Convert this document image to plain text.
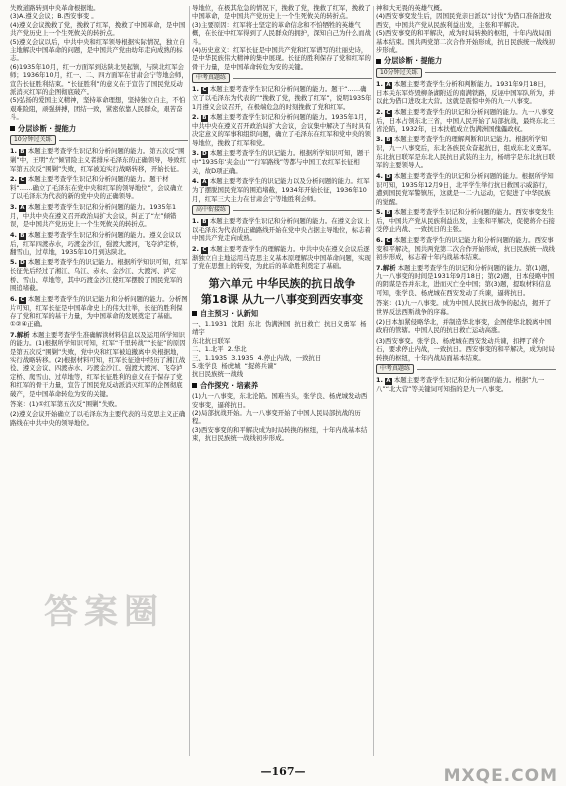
失败道路转到中央革命根据地。
(3)A.遵义会议；B.西安事变 。
(4)遵义会议挽救了党，挽救了红军，挽救了中国革命，是中国共产党历史上一个生死攸关的转折点。
(5)遵义会议以后，中共中央和红军领导根据实际情况，独立自主地解决中国革命的问题，是中国共产党由幼年走向成熟的标志。
(6)1935年10月，红一方面军到达陕北吴起镇，与陕北红军会师；1936年10月，红一、二、四方面军在甘肃会宁等地会师，宣告长征胜利结束。“长征胜利”的意义在于宣告了国民党反动派消灭红军的企图彻底破产。
(5)弘扬的爱国主义精神，坚持革命理想，坚持独立自主，不怕艰难险阻，顽强拼搏，团结一致，紧密依靠人民群众，艰苦奋斗。
分层诊断 · 提能力
10分钟过关练
1. B 本题主要考查学生识记和分析问题的能力。第五次反“围剿”中，王明“左”倾冒险主义者排斥毛泽东的正确领导，导致红军第五次反“围剿”失败，红军被迫实行战略转移，开始长征。
2. C 本题主要考查学生识记和分析问题的能力。题干材料“……确立了毛泽东在党中央和红军的领导地位”，会议确立了以毛泽东为代表的新的党中央的正确领导。
3. A 本题主要考查学生识记和分析问题的能力。1935年1月，中共中央在遵义召开政治局扩大会议，纠正了“左”倾错误，是中国共产党历史上一个生死攸关的转折点。
4. B 本题主要考查学生识记和分析问题的能力。遵义会议以后，红军四渡赤水，巧渡金沙江，强渡大渡河，飞夺泸定桥，翻雪山，过草地，1935年10月到达陕北。
5. D 本题主要考查学生的识记能力。根据所学知识可知，红军长征先后经过了湘江、乌江、赤水、金沙江、大渡河、泸定桥、雪山、草地等，其中巧渡金沙江使红军摆脱了国民党军的围追堵截。
6. C 本题主要考查学生的识记能力和分析问题的能力。分析图片可知，红军长征是中国革命史上的伟大壮举，长征的胜利保存了党和红军的基干力量，为中国革命的发展奠定了基础。①②④正确。
7.解析 本题主要考查学生准确解读材料信息以及运用所学知识的能力。(1)根据所学知识可知，红军“千里转战”“长征”的原因是第五次反“围剿”失败，党中央和红军被迫撤离中央根据地，实行战略转移。(2)根据材料可知，红军长征途中经历了湘江战役、遵义会议、四渡赤水、巧渡金沙江、强渡大渡河、飞夺泸定桥、爬雪山、过草地等，红军长征胜利的意义在于保存了党和红军的骨干力量，宣告了国民党反动派消灭红军的企图彻底破产，是中国革命转危为安的关键。
答案：(1)①红军第五次反“围剿”失败。
(2)遵义会议开始确立了以毛泽东为主要代表的马克思主义正确路线在中共中央的领导地位。
导地位，在极其危急的情况下，挽救了党，挽救了红军，挽救了中国革命，是中国共产党历史上一个生死攸关的转折点。
(3)主要原因：红军将士坚定的革命信念和不怕牺牲的英雄气概，在长征中红军得到了人民群众的拥护，深知自己为什么而战斗。
(4)历史意义：红军长征是中国共产党和红军谱写的壮丽史诗，是中华民族伟大精神的集中展现。长征的胜利保存了党和红军的骨干力量，是中国革命转危为安的关键。
中考真题练
1. C 本题主要考查学生识记和分析问题的能力。题干“……确立了以毛泽东为代表的”“挽救了党，挽救了红军”，说明1935年1月遵义会议召开，在极端危急的时刻挽救了党和红军。
2. B 本题主要考查学生识记和分析问题的能力。1935年1月，中共中央在遵义召开政治局扩大会议，会议集中解决了当时具有决定意义的军事和组织问题，确立了毛泽东在红军和党中央的领导地位，挽救了红军和党。
3. D 本题主要考查学生的识记能力。根据所学知识可知，题干中“1935年‘夹金山’”“行军路线”等都与中国工农红军长征相关，故D项正确。
4. A 本题主要考查学生的识记能力以及分析问题的能力。红军为了摆脱国民党军的围追堵截，1934年开始长征，1936年10月，红军三大主力在甘肃会宁等地胜利会师。
高中衔接练
1. B 本题主要考查学生识记和分析问题的能力。在遵义会议上以毛泽东为代表的正确路线开始在党中央占据主导地位，标志着中国共产党走向成熟。
2. C 本题主要考查学生的理解能力。中共中央在遵义会议后逐渐独立自主地运用马克思主义基本原理解决中国革命问题，实现了党在思想上的转变，为此后的革命胜利奠定了基础。
第六单元 中华民族的抗日战争
第18课 从九一八事变到西安事变
自主预习 · 认新知
一、1.1931  沈阳  东北  伪满洲国  抗日救亡  抗日义勇军  杨靖宇
东北抗日联军
二、1.北平  2.华北
三、1.1935  3.1935  4.停止内战，一致抗日
5.张学良  杨虎城  “捉蒋兵谏”
抗日民族统一战线
合作探究 · 培素养
(1)九一八事变，东北沦陷。国难当头，张学良、杨虎城发动西安事变，逼蒋抗日。
(2)局部抗战开始。九一八事变开始了中国人民局部抗战的历程。
(3)西安事变的和平解决成为时局转换的枢纽，十年内战基本结束，抗日民族统一战线初步形成。
神和大无畏的英雄气概。
(4)西安事变发生后，因国民党亲日派以“讨伐”为借口准备进攻西安，中国共产党从民族利益出发，主张和平解决。
(5)西安事变的和平解决，成为时局转换的枢纽，十年内战局面基本结束。国共两党第二次合作开始形成，抗日民族统一战线初步形成。
分层诊断 · 提能力
10分钟过关练
1. A 本题主要考查学生分析和判断能力。1931年9月18日，日本关东军炸毁柳条湖附近的南满铁路，反诬中国军队所为，并以此为借口进攻北大营。这就是震惊中外的九一八事变。
2. C 本题主要考查学生的识记和分析问题的能力。九一八事变后，日本占领东北三省，中国人民开始了局部抗战，最终东北三省沦陷，1932年，日本扶植成立伪满洲国傀儡政权。
3. B 本题主要考查学生的理解判断和识记能力。根据所学知识，九一八事变后，东北各族民众奋起抗日，组成东北义勇军。东北抗日联军是东北人民抗日武装的主力，杨靖宇是东北抗日联军的主要领导人。
4. D 本题主要考查学生的识记和分析问题的能力。根据所学知识可知，1935年12月9日，北平学生举行抗日救国示威游行，遭到国民党军警镇压，这就是一二·九运动，它促进了中华民族的觉醒。
5. B 本题主要考查学生识记和分析问题的能力。西安事变发生后，中国共产党从民族利益出发，主张和平解决，促使蒋介石接受停止内战、一致抗日的主张。
6. C 本题主要考查学生的识记能力和分析问题的能力。西安事变和平解决，国共两党第二次合作开始形成，抗日民族统一战线初步形成，标志着十年内战基本结束。
7.解析 本题主要考查学生的识记和分析问题的能力。第(1)题，九一八事变的时间是1931年9月18日；第(2)题，日本侵略中国的阴谋是吞并东北，进而灭亡全中国；第(3)题，提取材料信息可知，张学良、杨虎城在西安发动了兵谏，逼蒋抗日。
答案：(1)九一八事变。成为中国人民抗日战争的起点，揭开了世界反法西斯战争的序幕。
(2)日本加紧侵略华北，并制造华北事变，企图使华北脱离中国政府的管辖。中国人民的抗日救亡运动高涨。
(3)西安事变。张学良、杨虎城在西安发动兵谏，扣押了蒋介石，要求停止内战，一致抗日。西安事变的和平解决，成为时局转换的枢纽，十年内战局面基本结束。
中考真题练
1. A 本题主要考查学生识记和分析问题的能力。根据“九一八”“北大营”等关键词可知指的是九一八事变。
—167—
答案圈
MXQE.COM
